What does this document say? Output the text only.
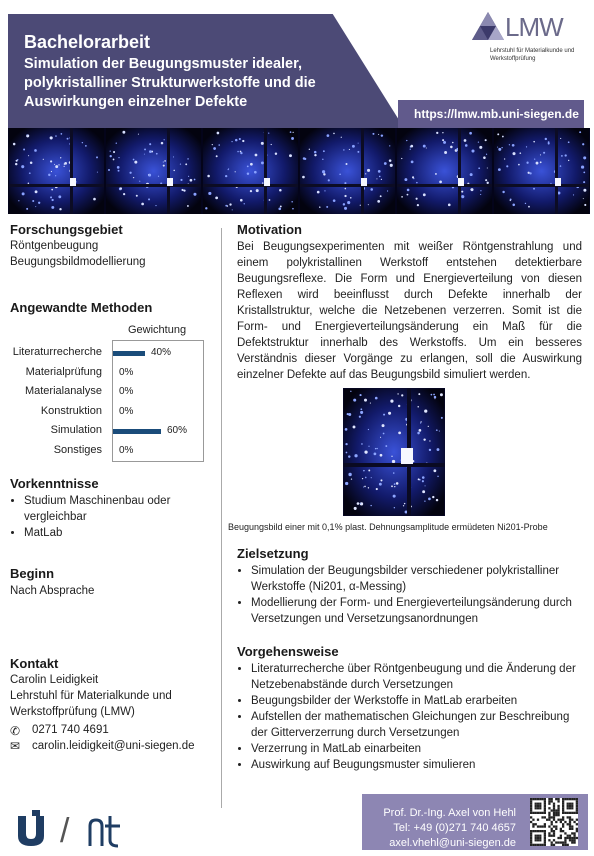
Bachelorarbeit
Simulation der Beugungsmuster idealer, polykristalliner Strukturwerkstoffe und die Auswirkungen einzelner Defekte
https://lmw.mb.uni-siegen.de
LMW
Lehrstuhl für Materialkunde und Werkstoffprüfung
Forschungsgebiet
Röntgenbeugung
Beugungsbildmodellierung
Angewandte Methoden
Gewichtung
Literaturrecherche	40%
Materialprüfung 0%
Materialanalyse 0%
Konstruktion 0%
Simulation	60%
Sonstiges 0%
Vorkenntnisse
• Studium Maschinenbau oder vergleichbar
• MatLab
Beginn
Nach Absprache
Kontakt
Carolin Leidigkeit
Lehrstuhl für Materialkunde und Werkstoffprüfung (LMW)
✆ 0271 740 4691
✉ carolin.leidigkeit@uni-siegen.de
Motivation
Bei Beugungsexperimenten mit weißer Röntgenstrahlung und einem polykristallinen Werkstoff entstehen detektierbare Beugungsreflexe. Die Form und Energieverteilung von diesen Reflexen wird beeinflusst durch Defekte innerhalb der Kristallstruktur, welche die Netzebenen verzerren. Somit ist die Form- und Energieverteilungsänderung ein Maß für die Defektstruktur innerhalb des Werkstoffs. Um ein besseres Verständnis dieser Vorgänge zu erlangen, soll die Auswirkung einzelner Defekte auf das Beugungsbild simuliert werden.
Beugungsbild einer mit 0,1% plast. Dehnungsamplitude ermüdeten Ni201-Probe
Zielsetzung
• Simulation der Beugungsbilder verschiedener polykristalliner Werkstoffe (Ni201, α-Messing)
• Modellierung der Form- und Energieverteilungsänderung durch Versetzungen und Versetzungsanordnungen
Vorgehensweise
• Literaturrecherche über Röntgenbeugung und die Änderung der Netzebenabstände durch Versetzungen
• Beugungsbilder der Werkstoffe in MatLab erarbeiten
• Aufstellen der mathematischen Gleichungen zur Beschreibung der Gitterverzerrung durch Versetzungen
• Verzerrung in MatLab einarbeiten
• Auswirkung auf Beugungsmuster simulieren
/	Prof. Dr.-Ing. Axel von Hehl
Tel: +49 (0)271 740 4657
axel.vhehl@uni-siegen.de
